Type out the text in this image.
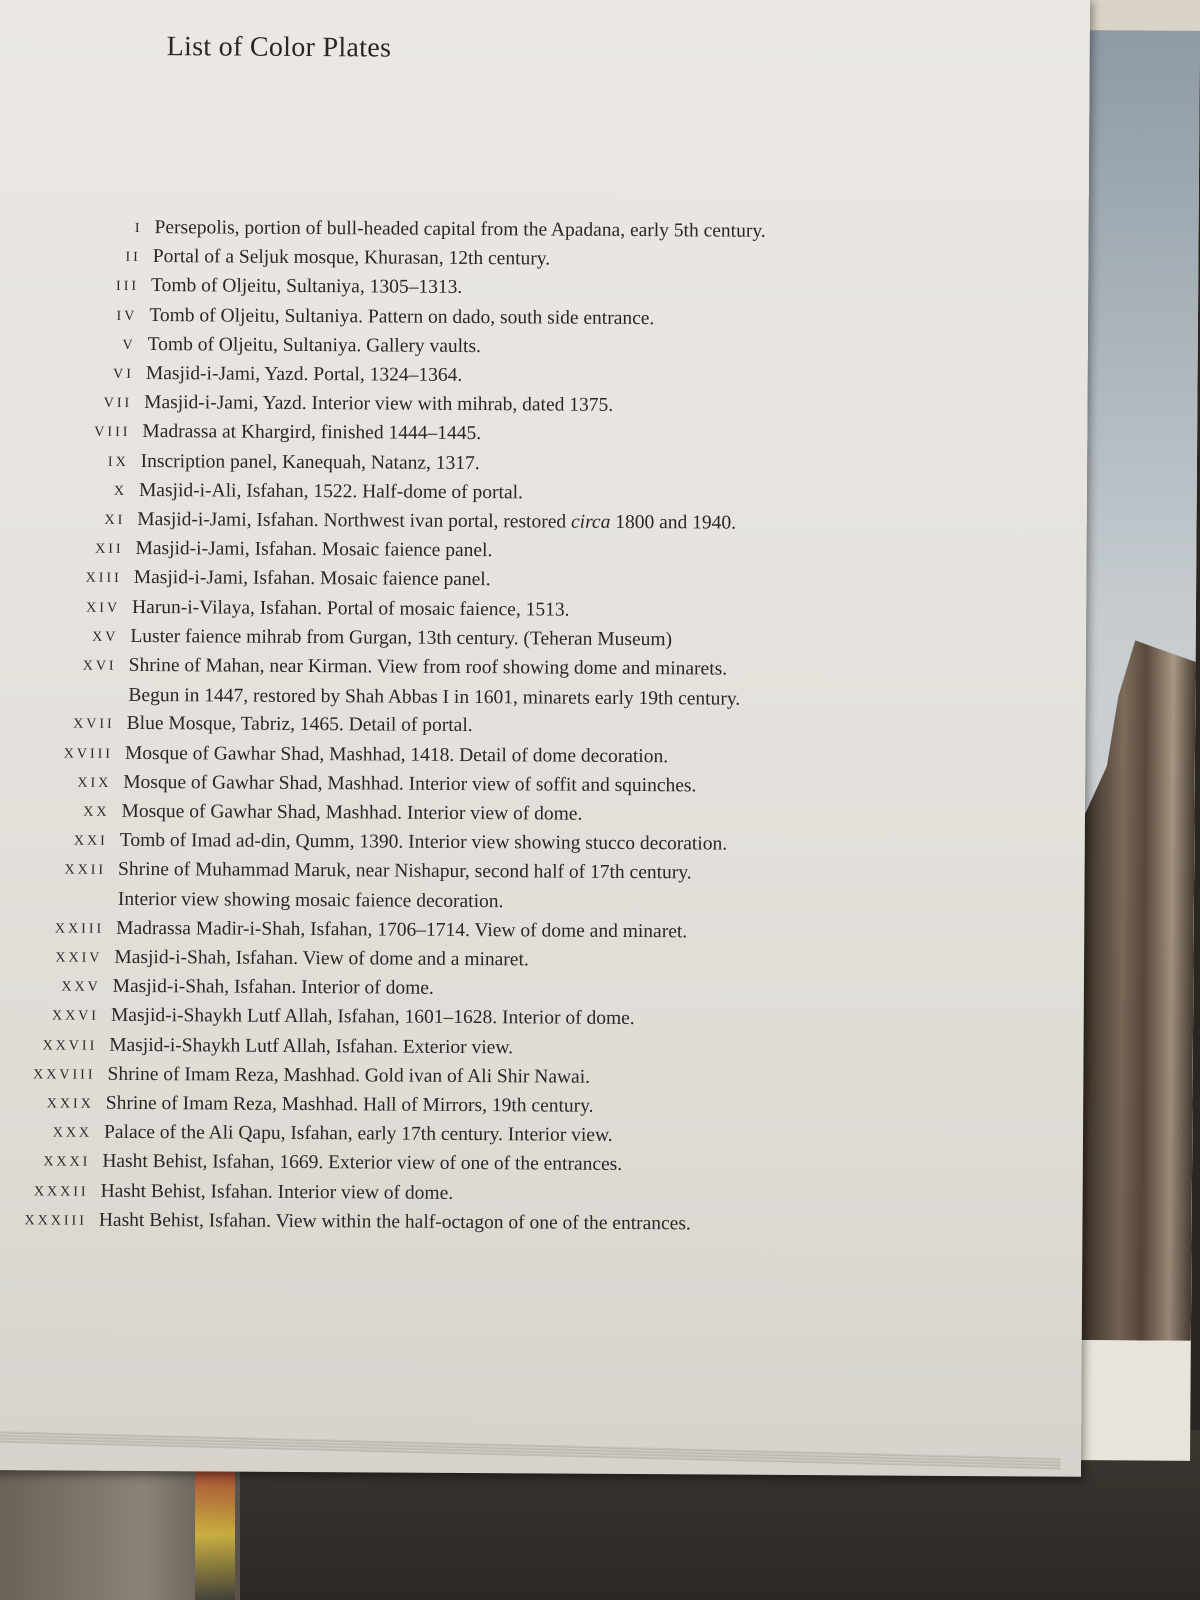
List of Color Plates
I Persepolis, portion of bull-headed capital from the Apadana, early 5th century.
II Portal of a Seljuk mosque, Khurasan, 12th century.
III Tomb of Oljeitu, Sultaniya, 1305–1313.
IV Tomb of Oljeitu, Sultaniya. Pattern on dado, south side entrance.
V Tomb of Oljeitu, Sultaniya. Gallery vaults.
VI Masjid-i-Jami, Yazd. Portal, 1324–1364.
VII Masjid-i-Jami, Yazd. Interior view with mihrab, dated 1375.
VIII Madrassa at Khargird, finished 1444–1445.
IX Inscription panel, Kanequah, Natanz, 1317.
X Masjid-i-Ali, Isfahan, 1522. Half-dome of portal.
XI Masjid-i-Jami, Isfahan. Northwest ivan portal, restored circa 1800 and 1940.
XII Masjid-i-Jami, Isfahan. Mosaic faience panel.
XIII Masjid-i-Jami, Isfahan. Mosaic faience panel.
XIV Harun-i-Vilaya, Isfahan. Portal of mosaic faience, 1513.
XV Luster faience mihrab from Gurgan, 13th century. (Teheran Museum)
XVI Shrine of Mahan, near Kirman. View from roof showing dome and minarets.
Begun in 1447, restored by Shah Abbas I in 1601, minarets early 19th century.
XVII Blue Mosque, Tabriz, 1465. Detail of portal.
XVIII Mosque of Gawhar Shad, Mashhad, 1418. Detail of dome decoration.
XIX Mosque of Gawhar Shad, Mashhad. Interior view of soffit and squinches.
XX Mosque of Gawhar Shad, Mashhad. Interior view of dome.
XXI Tomb of Imad ad-din, Qumm, 1390. Interior view showing stucco decoration.
XXII Shrine of Muhammad Maruk, near Nishapur, second half of 17th century.
Interior view showing mosaic faience decoration.
XXIII Madrassa Madir-i-Shah, Isfahan, 1706–1714. View of dome and minaret.
XXIV Masjid-i-Shah, Isfahan. View of dome and a minaret.
XXV Masjid-i-Shah, Isfahan. Interior of dome.
XXVI Masjid-i-Shaykh Lutf Allah, Isfahan, 1601–1628. Interior of dome.
XXVII Masjid-i-Shaykh Lutf Allah, Isfahan. Exterior view.
XXVIII Shrine of Imam Reza, Mashhad. Gold ivan of Ali Shir Nawai.
XXIX Shrine of Imam Reza, Mashhad. Hall of Mirrors, 19th century.
XXX Palace of the Ali Qapu, Isfahan, early 17th century. Interior view.
XXXI Hasht Behist, Isfahan, 1669. Exterior view of one of the entrances.
XXXII Hasht Behist, Isfahan. Interior view of dome.
XXXIII Hasht Behist, Isfahan. View within the half-octagon of one of the entrances.
